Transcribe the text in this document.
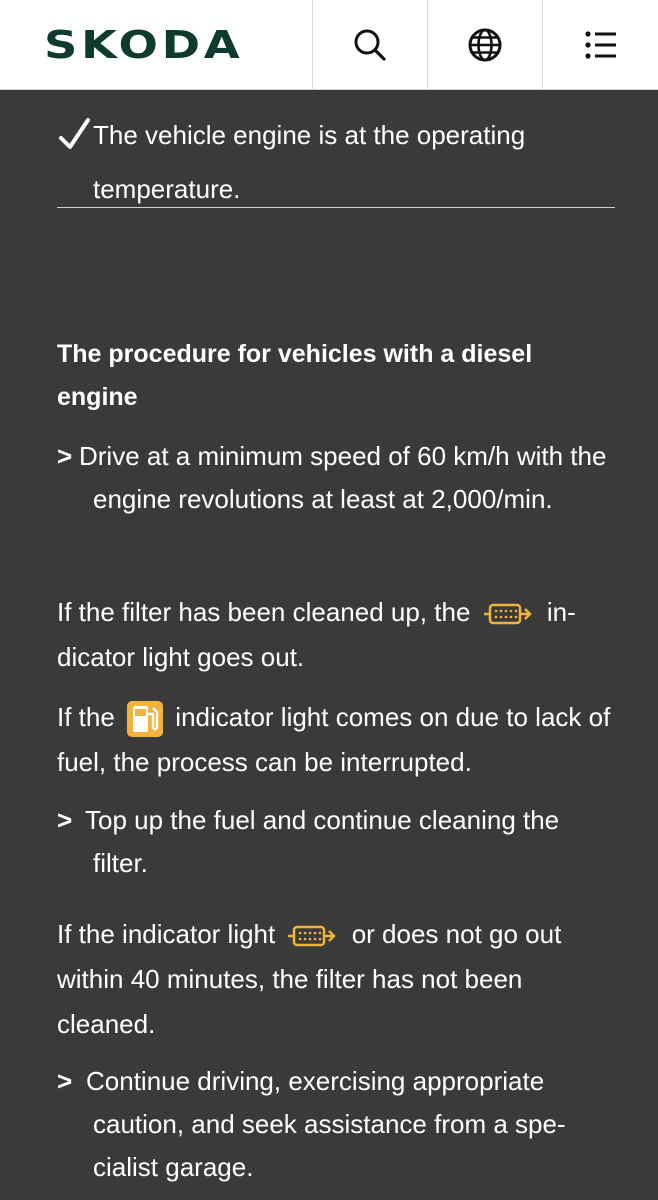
SKODA
The vehicle engine is at the operating temperature.
The procedure for vehicles with a diesel engine
> Drive at a minimum speed of 60 km/h with the engine revolutions at least at 2,000/min.
If the filter has been cleaned up, the	in-dicator light goes out.
If the indicator light comes on due to lack of fuel, the process can be interrupted.
> Top up the fuel and continue cleaning the filter.
If the indicator light	or does not go out within 40 minutes, the filter has not been cleaned.
> Continue driving, exercising appropriate caution, and seek assistance from a spe-cialist garage.
